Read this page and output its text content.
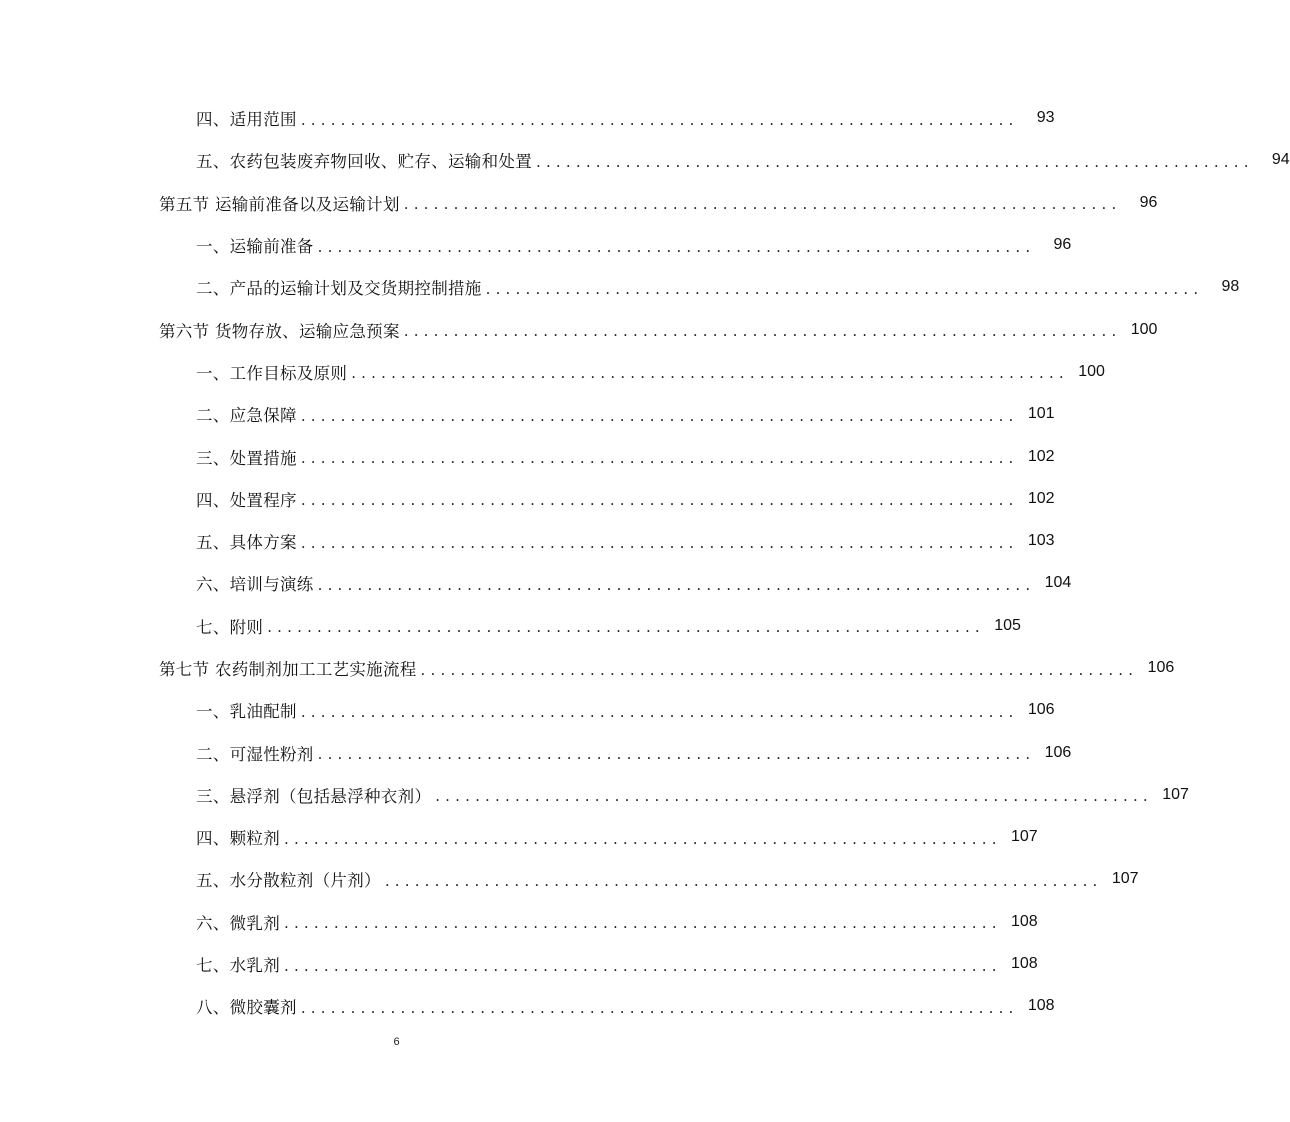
四、适用范围 ........................................................................	93
五、农药包装废弃物回收、贮存、运输和处置 ........................................................................	94
第五节 运输前准备以及运输计划 ........................................................................	96
一、运输前准备 ........................................................................	96
二、产品的运输计划及交货期控制措施 ........................................................................	98
第六节 货物存放、运输应急预案 ........................................................................ 100
一、工作目标及原则 ........................................................................ 100
二、应急保障 ........................................................................ 101
三、处置措施 ........................................................................ 102
四、处置程序 ........................................................................ 102
五、具体方案 ........................................................................ 103
六、培训与演练 ........................................................................ 104
七、附则 ........................................................................ 105
第七节 农药制剂加工工艺实施流程 ........................................................................ 106
一、乳油配制 ........................................................................ 106
二、可湿性粉剂 ........................................................................ 106
三、悬浮剂（包括悬浮种衣剂） ........................................................................ 107
四、颗粒剂 ........................................................................ 107
五、水分散粒剂（片剂） ........................................................................ 107
六、微乳剂 ........................................................................ 108
七、水乳剂 ........................................................................ 108
八、微胶囊剂 ........................................................................ 108
6
